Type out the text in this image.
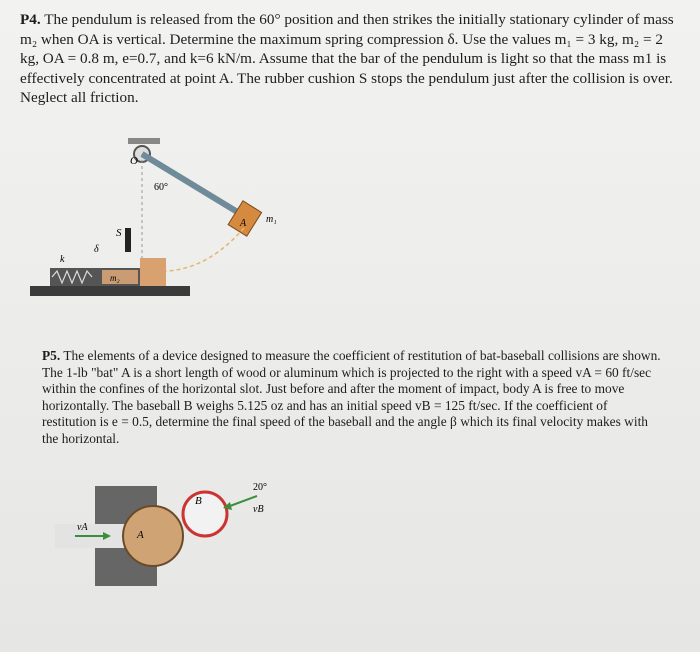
P4. The pendulum is released from the 60° position and then strikes the initially stationary cylinder of mass m₂ when OA is vertical. Determine the maximum spring compression δ. Use the values m₁ = 3 kg, m₂ = 2 kg, OA = 0.8 m, e=0.7, and k=6 kN/m. Assume that the bar of the pendulum is light so that the mass m1 is effectively concentrated at point A. The rubber cushion S stops the pendulum just after the collision is over. Neglect all friction.
O
60°
m₁
A
S
δ
k
m₂
P5. The elements of a device designed to measure the coefficient of restitution of bat-baseball collisions are shown. The 1-lb "bat" A is a short length of wood or aluminum which is projected to the right with a speed vA = 60 ft/sec within the confines of the horizontal slot. Just before and after the moment of impact, body A is free to move horizontally. The baseball B weighs 5.125 oz and has an initial speed vB = 125 ft/sec. If the coefficient of restitution is e = 0.5, determine the final speed of the baseball and the angle β which its final velocity makes with the horizontal.
vA
A
B
20°
vB
